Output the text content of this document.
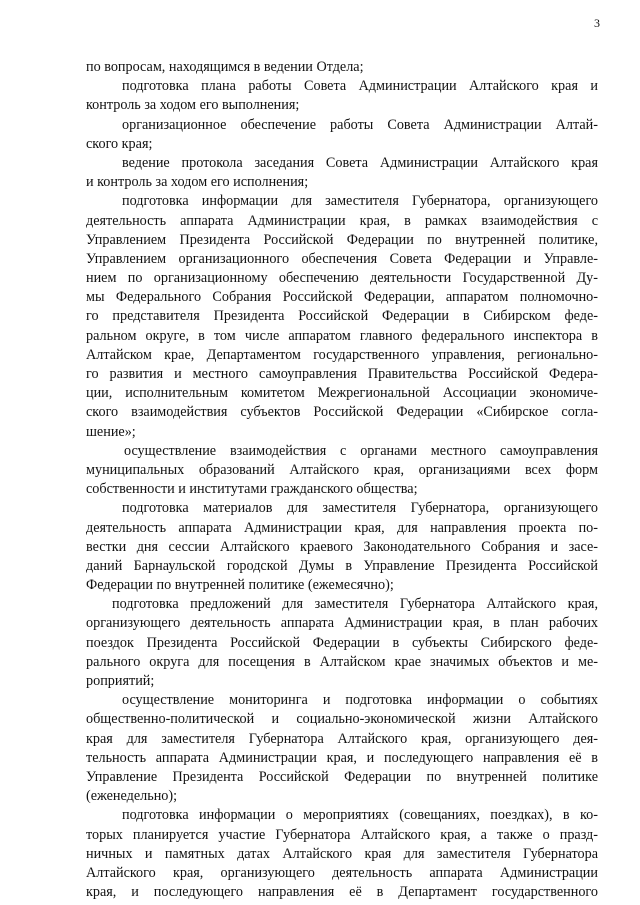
3
по вопросам, находящимся в ведении Отдела;
подготовка плана работы Совета Администрации Алтайского края и
контроль за ходом его выполнения;
организационное обеспечение работы Совета Администрации Алтай-
ского края;
ведение протокола заседания Совета Администрации Алтайского края
и контроль за ходом его исполнения;
подготовка информации для заместителя Губернатора, организующего
деятельность аппарата Администрации края, в рамках взаимодействия с
Управлением Президента Российской Федерации по внутренней политике,
Управлением организационного обеспечения Совета Федерации и Управле-
нием по организационному обеспечению деятельности Государственной Ду-
мы Федерального Собрания Российской Федерации, аппаратом полномочно-
го представителя Президента Российской Федерации в Сибирском феде-
ральном округе, в том числе аппаратом главного федерального инспектора в
Алтайском крае, Департаментом государственного управления, регионально-
го развития и местного самоуправления Правительства Российской Федера-
ции, исполнительным комитетом Межрегиональной Ассоциации экономиче-
ского взаимодействия субъектов Российской Федерации «Сибирское согла-
шение»;
осуществление взаимодействия с органами местного самоуправления
муниципальных образований Алтайского края, организациями всех форм
собственности и институтами гражданского общества;
подготовка материалов для заместителя Губернатора, организующего
деятельность аппарата Администрации края, для направления проекта по-
вестки дня сессии Алтайского краевого Законодательного Собрания и засе-
даний Барнаульской городской Думы в Управление Президента Российской
Федерации по внутренней политике (ежемесячно);
подготовка предложений для заместителя Губернатора Алтайского края,
организующего деятельность аппарата Администрации края, в план рабочих
поездок Президента Российской Федерации в субъекты Сибирского феде-
рального округа для посещения в Алтайском крае значимых объектов и ме-
роприятий;
осуществление мониторинга и подготовка информации о событиях
общественно-политической и социально-экономической жизни Алтайского
края для заместителя Губернатора Алтайского края, организующего дея-
тельность аппарата Администрации края, и последующего направления её в
Управление Президента Российской Федерации по внутренней политике
(еженедельно);
подготовка информации о мероприятиях (совещаниях, поездках), в ко-
торых планируется участие Губернатора Алтайского края, а также о празд-
ничных и памятных датах Алтайского края для заместителя Губернатора
Алтайского края, организующего деятельность аппарата Администрации
края, и последующего направления её в Департамент государственного
